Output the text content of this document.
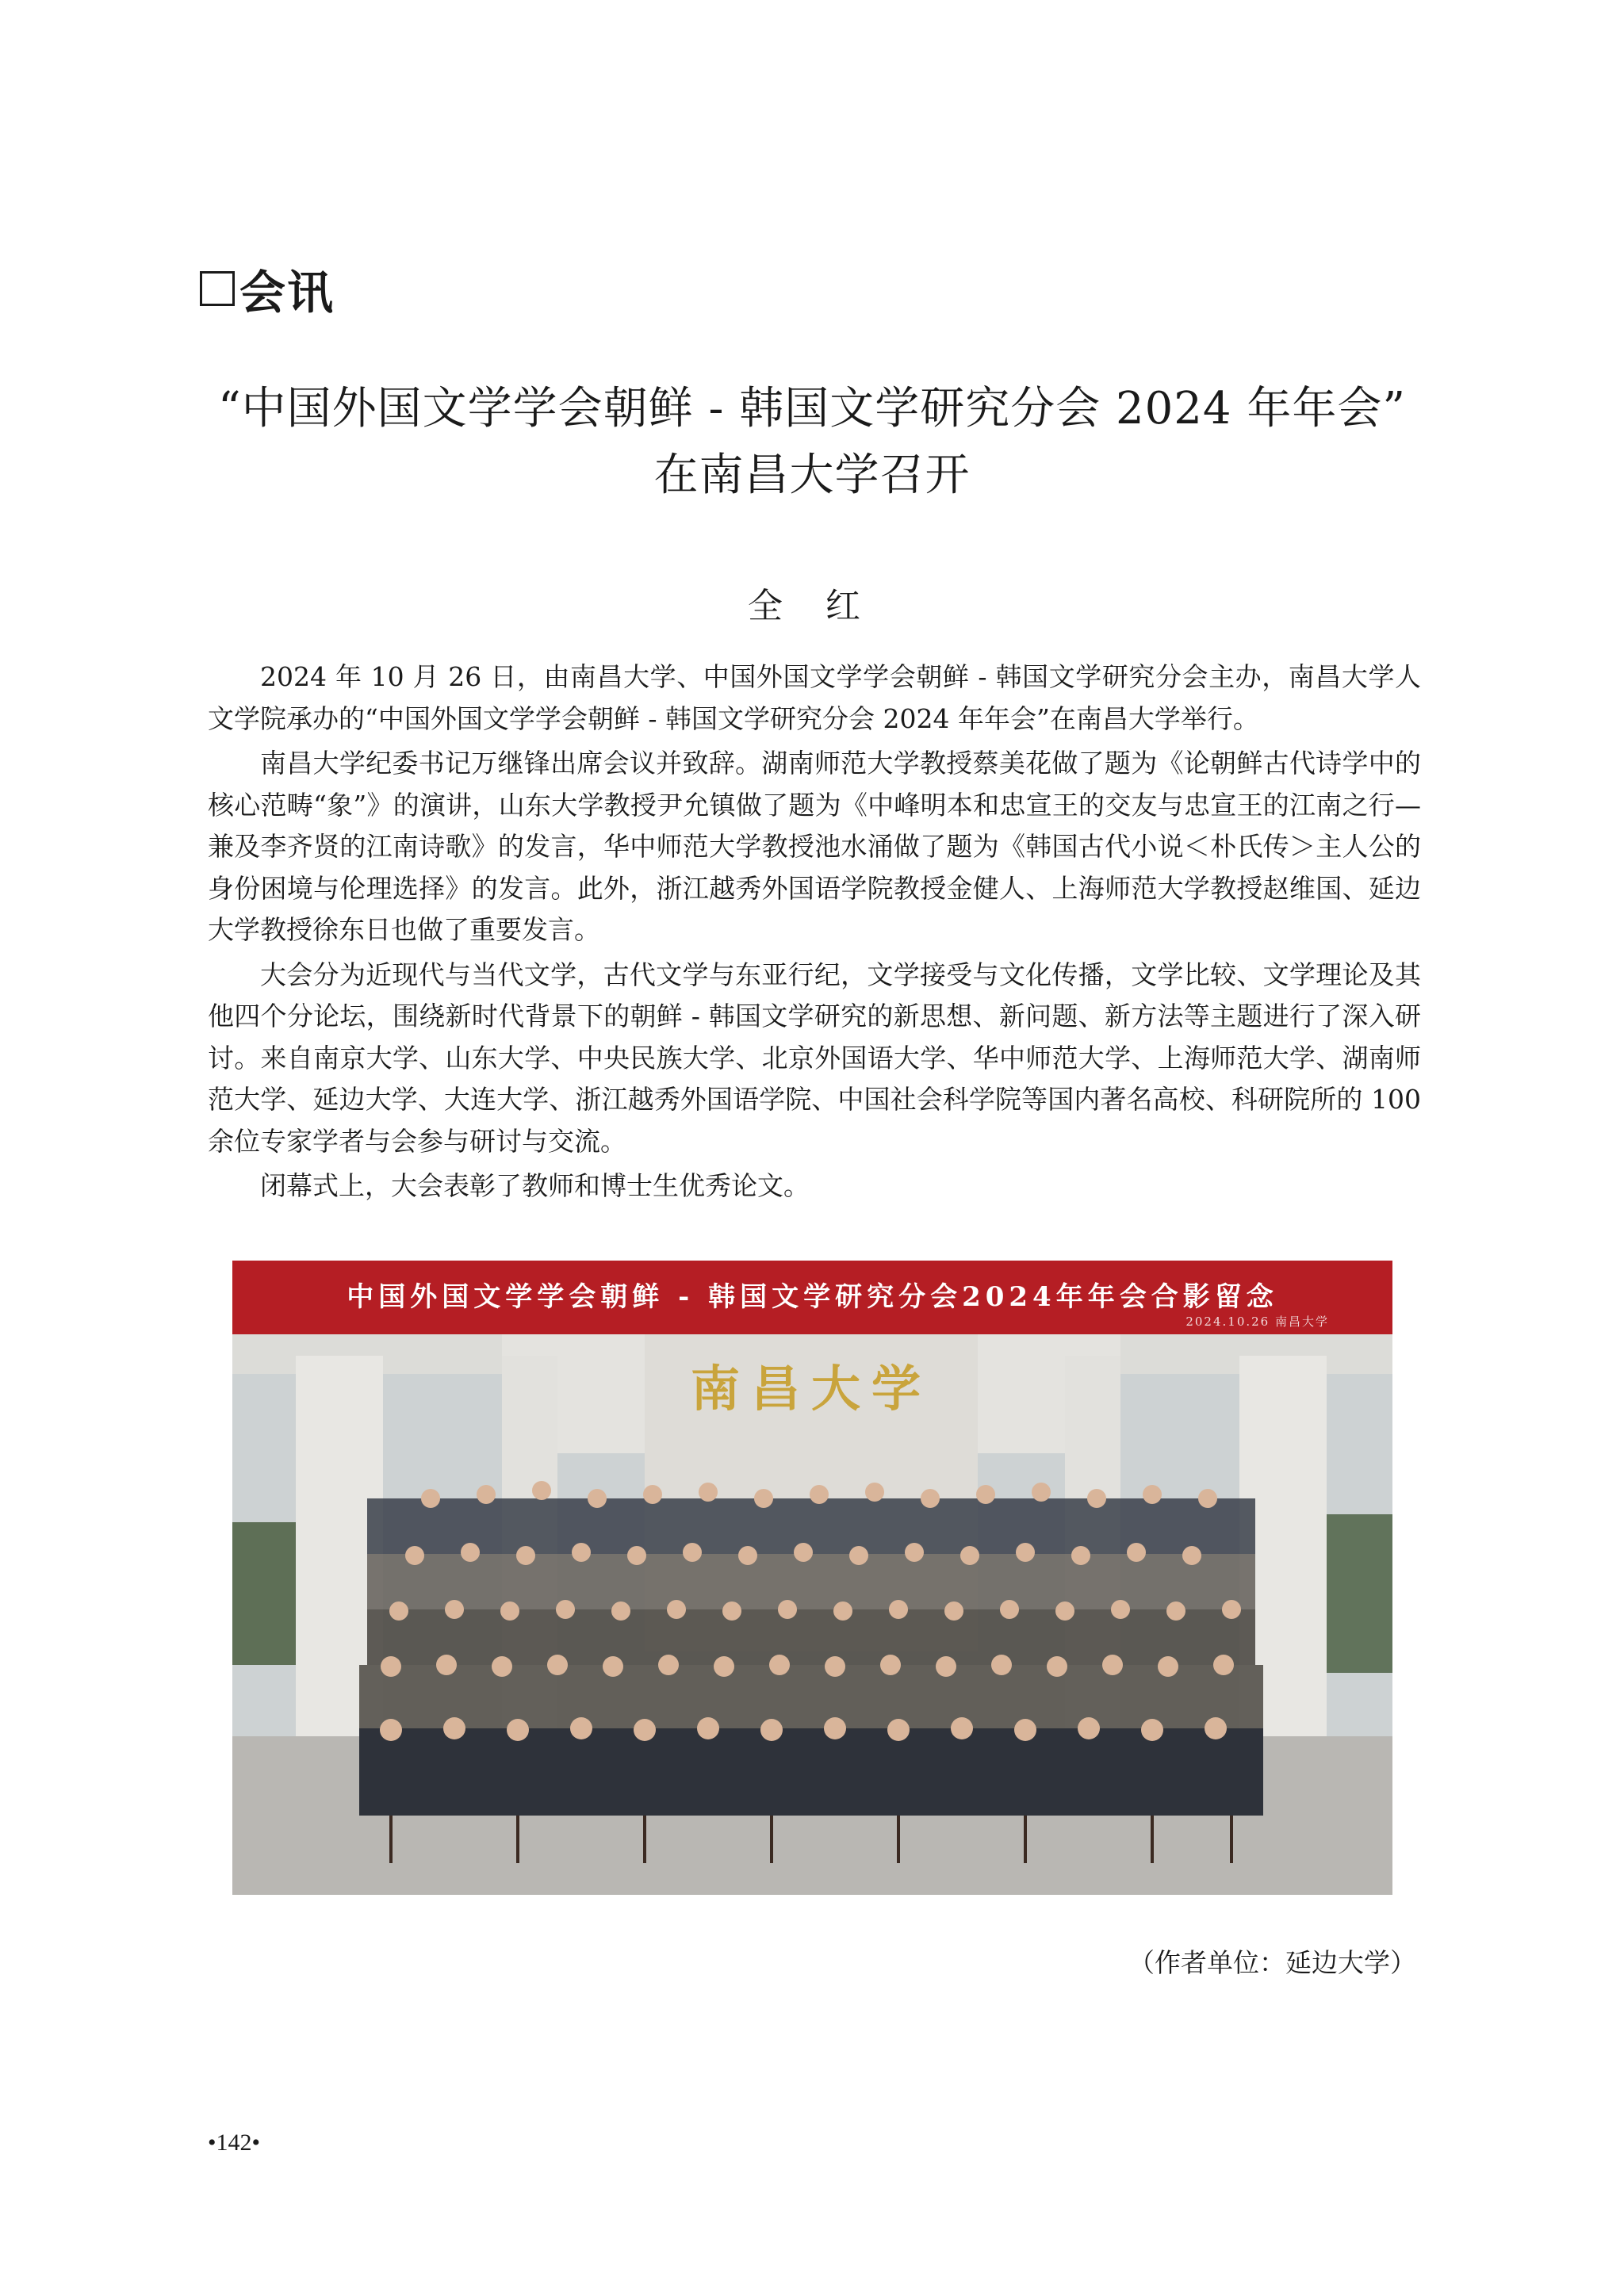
会讯
“中国外国文学学会朝鲜 - 韩国文学研究分会 2024 年年会”
在南昌大学召开
全 红

2024 年 10 月 26 日，由南昌大学、中国外国文学学会朝鲜 - 韩国文学研究分会主办，南昌大学人文学院承办的“中国外国文学学会朝鲜 - 韩国文学研究分会 2024 年年会”在南昌大学举行。

南昌大学纪委书记万继锋出席会议并致辞。湖南师范大学教授蔡美花做了题为《论朝鲜古代诗学中的核心范畴“象”》的演讲，山东大学教授尹允镇做了题为《中峰明本和忠宣王的交友与忠宣王的江南之行—兼及李齐贤的江南诗歌》的发言，华中师范大学教授池水涌做了题为《韩国古代小说＜朴氏传＞主人公的身份困境与伦理选择》的发言。此外，浙江越秀外国语学院教授金健人、上海师范大学教授赵维国、延边大学教授徐东日也做了重要发言。

大会分为近现代与当代文学，古代文学与东亚行纪，文学接受与文化传播，文学比较、文学理论及其他四个分论坛，围绕新时代背景下的朝鲜 - 韩国文学研究的新思想、新问题、新方法等主题进行了深入研讨。来自南京大学、山东大学、中央民族大学、北京外国语大学、华中师范大学、上海师范大学、湖南师范大学、延边大学、大连大学、浙江越秀外国语学院、中国社会科学院等国内著名高校、科研院所的 100 余位专家学者与会参与研讨与交流。

闭幕式上，大会表彰了教师和博士生优秀论文。

中国外国文学学会朝鲜 - 韩国文学研究分会2024年年会合影留念
2024.10.26 南昌大学
南昌大学
（作者单位：延边大学）
•142•
